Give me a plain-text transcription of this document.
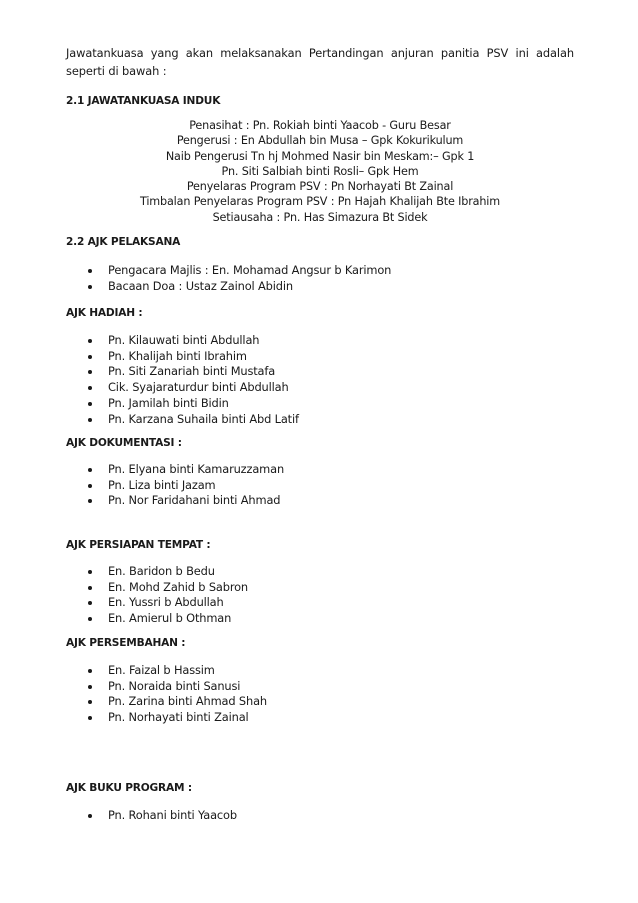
Jawatankuasa yang akan melaksanakan Pertandingan anjuran panitia PSV ini adalah seperti di bawah :
2.1 JAWATANKUASA INDUK
Penasihat : Pn. Rokiah binti Yaacob - Guru Besar
Pengerusi : En Abdullah bin Musa – Gpk Kokurikulum
Naib Pengerusi Tn hj Mohmed Nasir bin Meskam:– Gpk 1
Pn. Siti Salbiah binti Rosli– Gpk Hem
Penyelaras Program PSV : Pn Norhayati Bt Zainal
Timbalan Penyelaras Program PSV : Pn Hajah Khalijah Bte Ibrahim
Setiausaha : Pn. Has Simazura Bt Sidek
2.2 AJK PELAKSANA
Pengacara Majlis : En. Mohamad Angsur b Karimon
Bacaan Doa : Ustaz Zainol Abidin
AJK HADIAH :
Pn. Kilauwati binti Abdullah
Pn. Khalijah binti Ibrahim
Pn. Siti Zanariah binti Mustafa
Cik. Syajaraturdur binti Abdullah
Pn. Jamilah binti Bidin
Pn. Karzana Suhaila binti Abd Latif
AJK DOKUMENTASI :
Pn. Elyana binti Kamaruzzaman
Pn. Liza binti Jazam
Pn. Nor Faridahani binti Ahmad
AJK PERSIAPAN TEMPAT :
En. Baridon b Bedu
En. Mohd Zahid b Sabron
En. Yussri b Abdullah
En. Amierul b Othman
AJK PERSEMBAHAN :
En. Faizal b Hassim
Pn. Noraida binti Sanusi
Pn. Zarina binti Ahmad Shah
Pn. Norhayati binti Zainal
AJK BUKU PROGRAM :
Pn. Rohani binti Yaacob
